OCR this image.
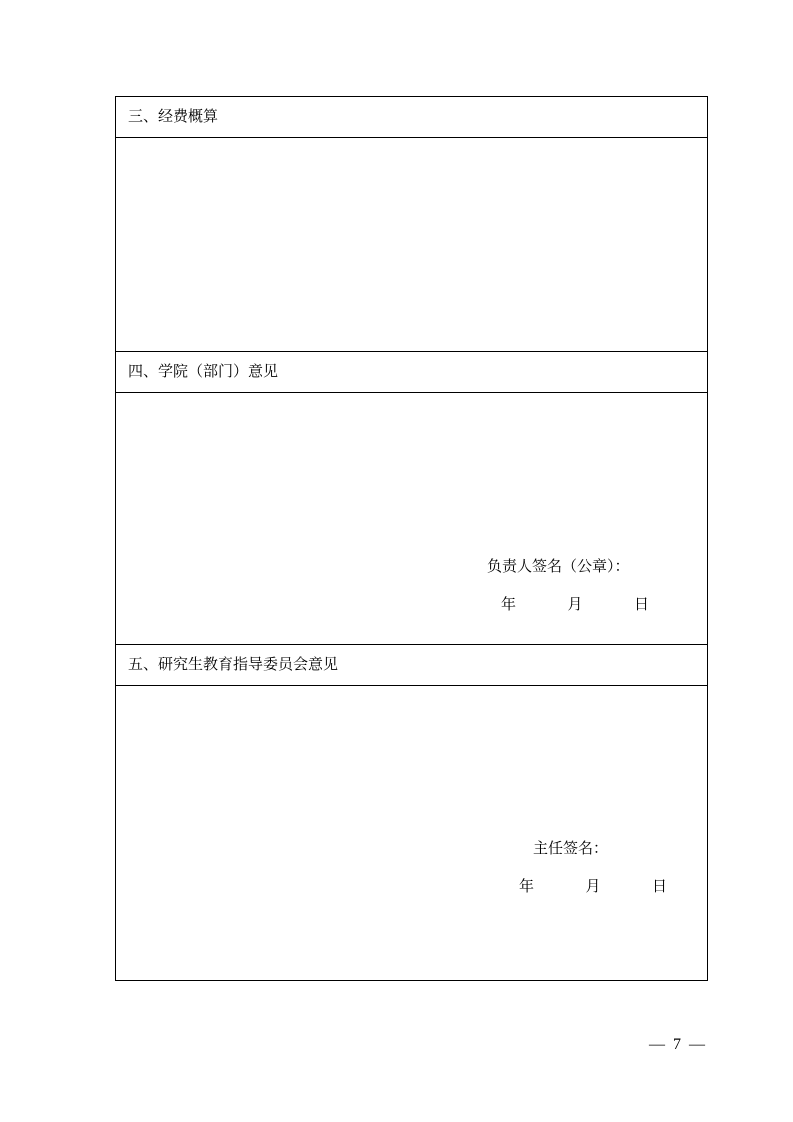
三、经费概算

四、学院（部门）意见

负责人签名（公章）：
年	月	日

五、研究生教育指导委员会意见

主任签名：
年	月	日
— 7 —
